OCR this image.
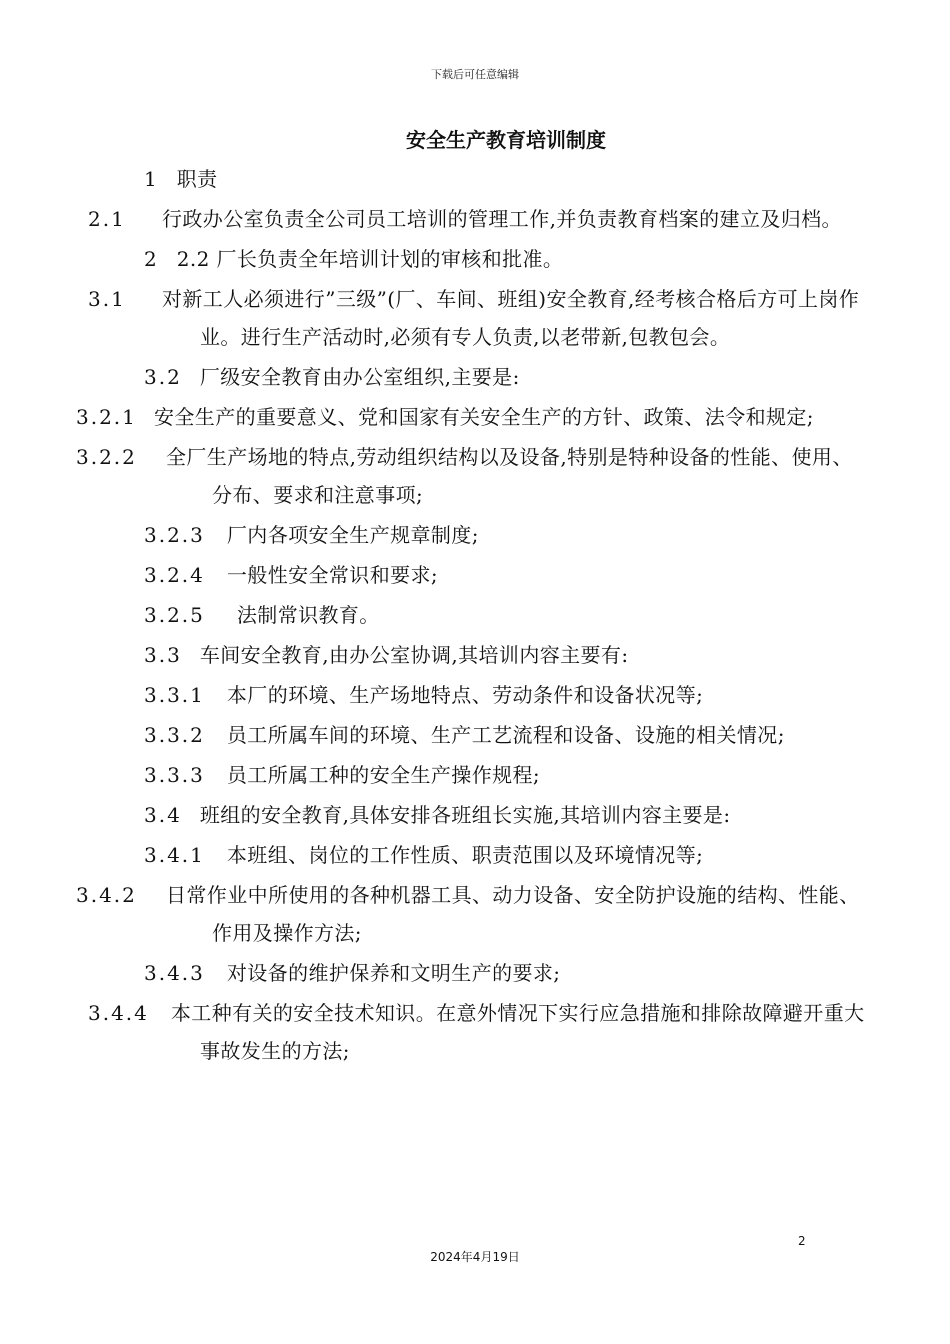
下载后可任意编辑
安全生产教育培训制度
1 职责
2.1 行政办公室负责全公司员工培训的管理工作,并负责教育档案的建立及归档。
2 2.2 厂长负责全年培训计划的审核和批准。
3.1 对新工人必须进行”三级”(厂、车间、班组)安全教育,经考核合格后方可上岗作业。进行生产活动时,必须有专人负责,以老带新,包教包会。
3.2 厂级安全教育由办公室组织,主要是:
3.2.1 安全生产的重要意义、党和国家有关安全生产的方针、政策、法令和规定;
3.2.2 全厂生产场地的特点,劳动组织结构以及设备,特别是特种设备的性能、使用、分布、要求和注意事项;
3.2.3 厂内各项安全生产规章制度;
3.2.4 一般性安全常识和要求;
3.2.5 法制常识教育。
3.3 车间安全教育,由办公室协调,其培训内容主要有:
3.3.1 本厂的环境、生产场地特点、劳动条件和设备状况等;
3.3.2 员工所属车间的环境、生产工艺流程和设备、设施的相关情况;
3.3.3 员工所属工种的安全生产操作规程;
3.4 班组的安全教育,具体安排各班组长实施,其培训内容主要是:
3.4.1 本班组、岗位的工作性质、职责范围以及环境情况等;
3.4.2 日常作业中所使用的各种机器工具、动力设备、安全防护设施的结构、性能、作用及操作方法;
3.4.3 对设备的维护保养和文明生产的要求;
3.4.4 本工种有关的安全技术知识。在意外情况下实行应急措施和排除故障避开重大事故发生的方法;
2
2024年4月19日
